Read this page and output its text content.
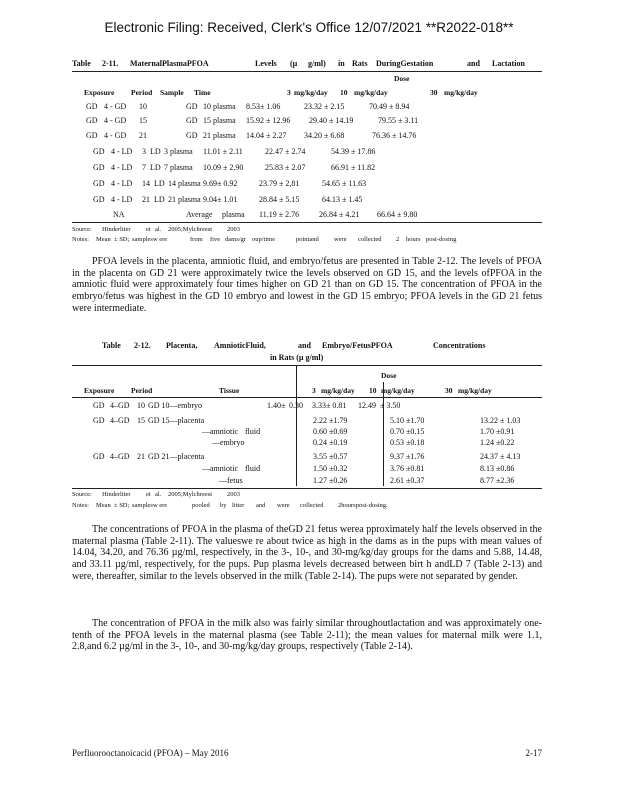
Electronic Filing: Received, Clerk's Office 12/07/2021 **R2022-018**
Table 2-11. MaternalPlasmaPFOA	Levels (µ g/ml) in Rats DuringGestation	and Lactation
Dose
Exposure Period Sample Time	3 mg/kg/day 10 mg/kg/day	30 mg/kg/day
GD 4 - GD 10	GD 10 plasma 8.53± 1.06	23.32 ± 2.15	70.49 ± 8.94
GD 4 - GD 15	GD 15 plasma 15.92 ± 12.96 29.40 ± 14.19	79.55 ± 3.11
GD 4 - GD 21	GD 21 plasma 14.04 ± 2.27 34.20 ± 6.68	76.36 ± 14.76
GD 4 - LD 3 LD 3 plasma 11.01 ± 2.11	22.47 ± 2.74	54.39 ± 17.86
GD 4 - LD 7 LD 7 plasma 10.09 ± 2.90	25.83 ± 2.07	66.91 ± 11.82
GD 4 - LD 14 LD 14 plasma 9.69± 0.92	23.79 ± 2,81	54.65 ± 11.63
GD 4 - LD 21 LD 21 plasma 9.04± 1.01	28.84 ± 5.15	64.13 ± 1.45
NA	Average plasma 11.19 ± 2.76 26.84 ± 4.21 66.64 ± 9.80
Source: Hinderliter et al. 2005;Mylchreest 2003
Notes: Mean ± SD; samplesw ere	from five dams/gr oup/time	pointand were collected 2 hours post-dosing
PFOA levels in the placenta, amniotic fluid, and embryo/fetus are presented in Table 2-12. The levels of PFOA in the placenta on GD 21 were approximately twice the levels observed on GD 15, and the levels ofPFOA in the amniotic fluid were approximately four times higher on GD 21 than on GD 15. The concentration of PFOA in the embryo/fetus was highest in the GD 10 embryo and lowest in the GD 15 embryo; PFOA levels in the GD 21 fetus were intermediate.
Table 2-12. Placenta, AmnioticFluid,	and Embryo/FetusPFOA	Concentrations
in Rats (µ g/ml)
Dose
Exposure Period	Tissue	3 mg/kg/day 10 mg/kg/day	30 mg/kg/day
GD 4–GD 10 GD 10—embryo	1.40± 0.30 3.33± 0.81 12.49 ± 3.50
GD 4–GD 15 GD 15—placenta	2.22 ±1.79	5.10 ±1.70	13.22 ± 1.03
—amniotic fluid	0.60 ±0.69	0.70 ±0.15	1.70 ±0.91
—embryo	0.24 ±0.19	0.53 ±0.18	1.24 ±0.22
GD 4–GD 21 GD 21—placenta	3.55 ±0.57	9.37 ±1.76	24.37 ± 4.13
—amniotic fluid	1.50 ±0.32	3.76 ±0.81	8.13 ±0.86
—fetus	1.27 ±0.26	2.61 ±0.37	8.77 ±2.36
Source: Hinderliter et al. 2005;Mylchreest 2003
Notes: Mean ± SD; samplesw ere	pooled by litter and were collected 2hourspost-dosing.
The concentrations of PFOA in the plasma of theGD 21 fetus werea pproximately half the levels observed in the maternal plasma (Table 2-11). The valueswe re about twice as high in the dams as in the pups with mean values of 14.04, 34.20, and 76.36 µg/ml, respectively, in the 3-, 10-, and 30-mg/kg/day groups for the dams and 5.88, 14.48, and 33.11 µg/ml, respectively, for the pups. Pup plasma levels decreased between birt h andLD 7 (Table 2-13) and were, thereafter, similar to the levels observed in the milk (Table 2-14). The pups were not separated by gender.
The concentration of PFOA in the milk also was fairly similar throughoutlactation and was approximately one-tenth of the PFOA levels in the maternal plasma (see Table 2-11); the mean values for maternal milk were 1.1, 2.8,and 6.2 µg/ml in the 3-, 10-, and 30-mg/kg/day groups, respectively (Table 2-14).
Perfluorooctanoicacid (PFOA) – May 2016	2-17
